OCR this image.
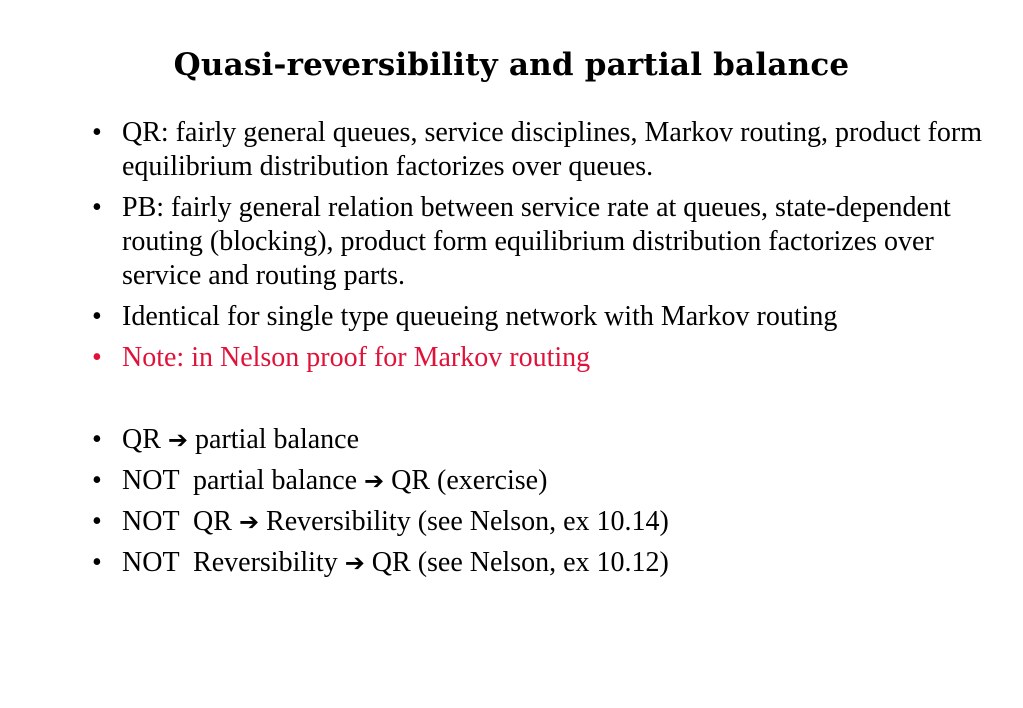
Quasi-reversibility and partial balance
• QR: fairly general queues, service disciplines, Markov routing, product form equilibrium distribution factorizes over queues.
• PB: fairly general relation between service rate at queues, state-dependent routing (blocking), product form equilibrium distribution factorizes over service and routing parts.
• Identical for single type queueing network with Markov routing
• Note: in Nelson proof for Markov routing
• QR ➔ partial balance
• NOT  partial balance ➔ QR (exercise)
• NOT  QR ➔ Reversibility (see Nelson, ex 10.14)
• NOT  Reversibility ➔ QR (see Nelson, ex 10.12)
